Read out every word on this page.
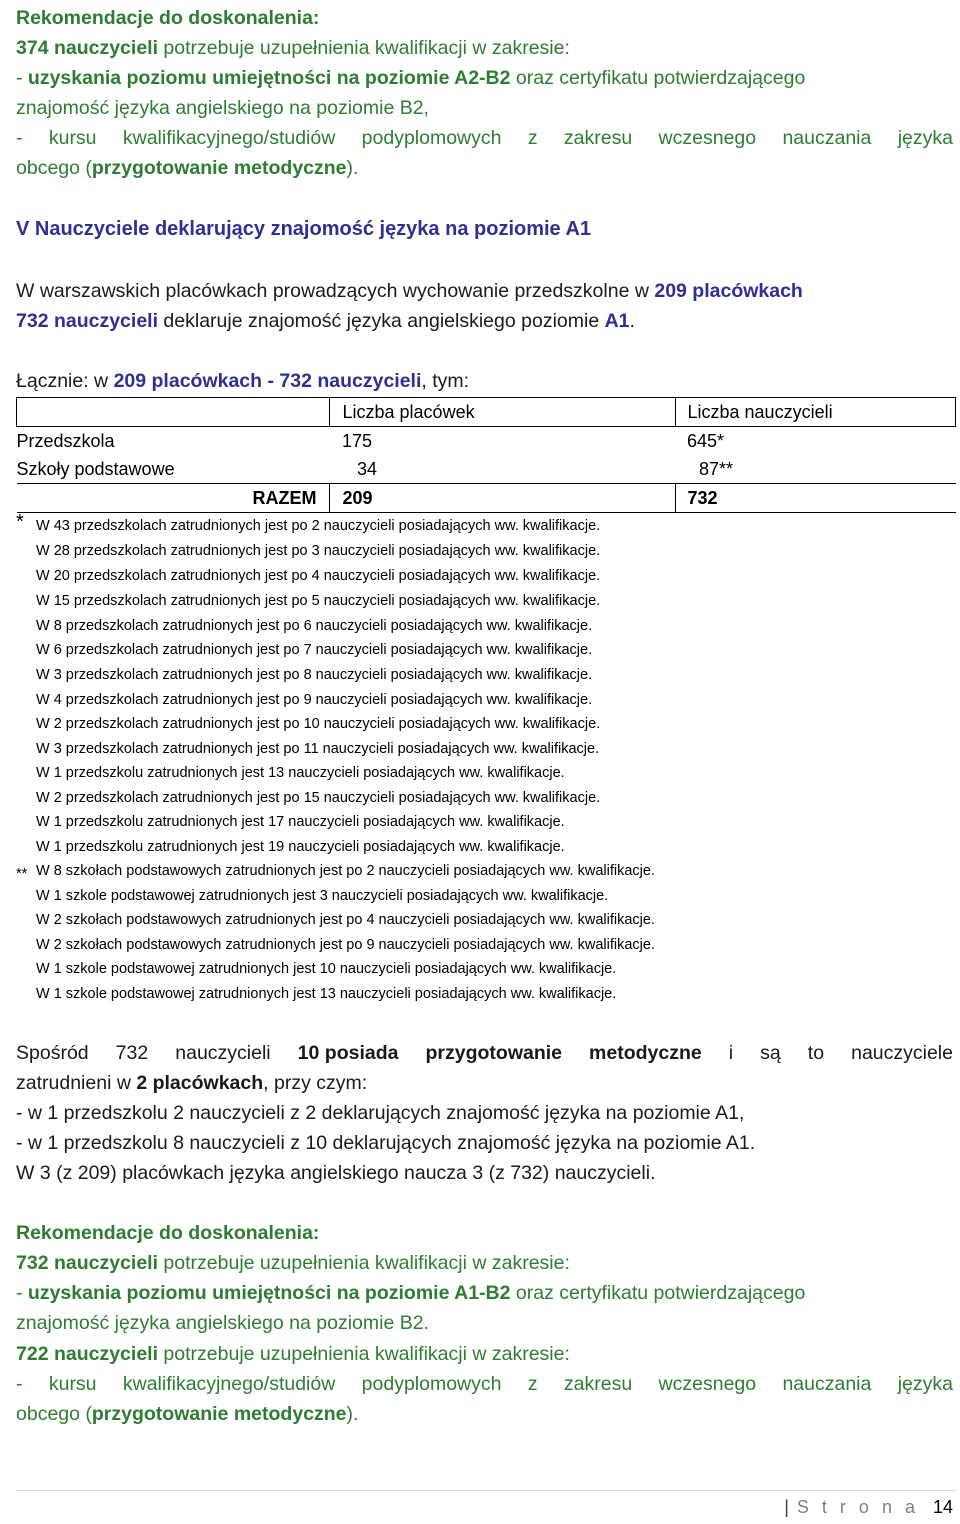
Rekomendacje do doskonalenia:
374 nauczycieli potrzebuje uzupełnienia kwalifikacji w zakresie:
- uzyskania poziomu umiejętności na poziomie A2-B2 oraz certyfikatu potwierdzającego
znajomość języka angielskiego na poziomie B2,
- kursu kwalifikacyjnego/studiów podyplomowych z zakresu wczesnego nauczania języka
obcego (przygotowanie metodyczne).
V Nauczyciele deklarujący znajomość języka na poziomie A1
W warszawskich placówkach prowadzących wychowanie przedszkolne w 209 placówkach
732 nauczycieli deklaruje znajomość języka angielskiego poziomie A1.
Łącznie: w 209 placówkach - 732 nauczycieli, tym:
	Liczba placówek	Liczba nauczycieli
Przedszkola	175	645*
Szkoły podstawowe	34	87**
RAZEM	209	732
*
**
W 43 przedszkolach zatrudnionych jest po 2 nauczycieli posiadających ww. kwalifikacje.
W 28 przedszkolach zatrudnionych jest po 3 nauczycieli posiadających ww. kwalifikacje.
W 20 przedszkolach zatrudnionych jest po 4 nauczycieli posiadających ww. kwalifikacje.
W 15 przedszkolach zatrudnionych jest po 5 nauczycieli posiadających ww. kwalifikacje.
W 8 przedszkolach zatrudnionych jest po 6 nauczycieli posiadających ww. kwalifikacje.
W 6 przedszkolach zatrudnionych jest po 7 nauczycieli posiadających ww. kwalifikacje.
W 3 przedszkolach zatrudnionych jest po 8 nauczycieli posiadających ww. kwalifikacje.
W 4 przedszkolach zatrudnionych jest po 9 nauczycieli posiadających ww. kwalifikacje.
W 2 przedszkolach zatrudnionych jest po 10 nauczycieli posiadających ww. kwalifikacje.
W 3 przedszkolach zatrudnionych jest po 11 nauczycieli posiadających ww. kwalifikacje.
W 1 przedszkolu zatrudnionych jest 13 nauczycieli posiadających ww. kwalifikacje.
W 2 przedszkolach zatrudnionych jest po 15 nauczycieli posiadających ww. kwalifikacje.
W 1 przedszkolu zatrudnionych jest 17 nauczycieli posiadających ww. kwalifikacje.
W 1 przedszkolu zatrudnionych jest 19 nauczycieli posiadających ww. kwalifikacje.
W 8 szkołach podstawowych zatrudnionych jest po 2 nauczycieli posiadających ww. kwalifikacje.
W 1 szkole podstawowej zatrudnionych jest 3 nauczycieli posiadających ww. kwalifikacje.
W 2 szkołach podstawowych zatrudnionych jest po 4 nauczycieli posiadających ww. kwalifikacje.
W 2 szkołach podstawowych zatrudnionych jest po 9 nauczycieli posiadających ww. kwalifikacje.
W 1 szkole podstawowej zatrudnionych jest 10 nauczycieli posiadających ww. kwalifikacje.
W 1 szkole podstawowej zatrudnionych jest 13 nauczycieli posiadających ww. kwalifikacje.
Spośród 732 nauczycieli 10 posiada przygotowanie metodyczne i są to nauczyciele
zatrudnieni w 2 placówkach, przy czym:
- w 1 przedszkolu 2 nauczycieli z 2 deklarujących znajomość języka na poziomie A1,
- w 1 przedszkolu 8 nauczycieli z 10 deklarujących znajomość języka na poziomie A1.
W 3 (z 209) placówkach języka angielskiego naucza 3 (z 732) nauczycieli.
Rekomendacje do doskonalenia:
732 nauczycieli potrzebuje uzupełnienia kwalifikacji w zakresie:
- uzyskania poziomu umiejętności na poziomie A1-B2 oraz certyfikatu potwierdzającego
znajomość języka angielskiego na poziomie B2.
722 nauczycieli potrzebuje uzupełnienia kwalifikacji w zakresie:
- kursu kwalifikacyjnego/studiów podyplomowych z zakresu wczesnego nauczania języka
obcego (przygotowanie metodyczne).
| S t r o n a 14
